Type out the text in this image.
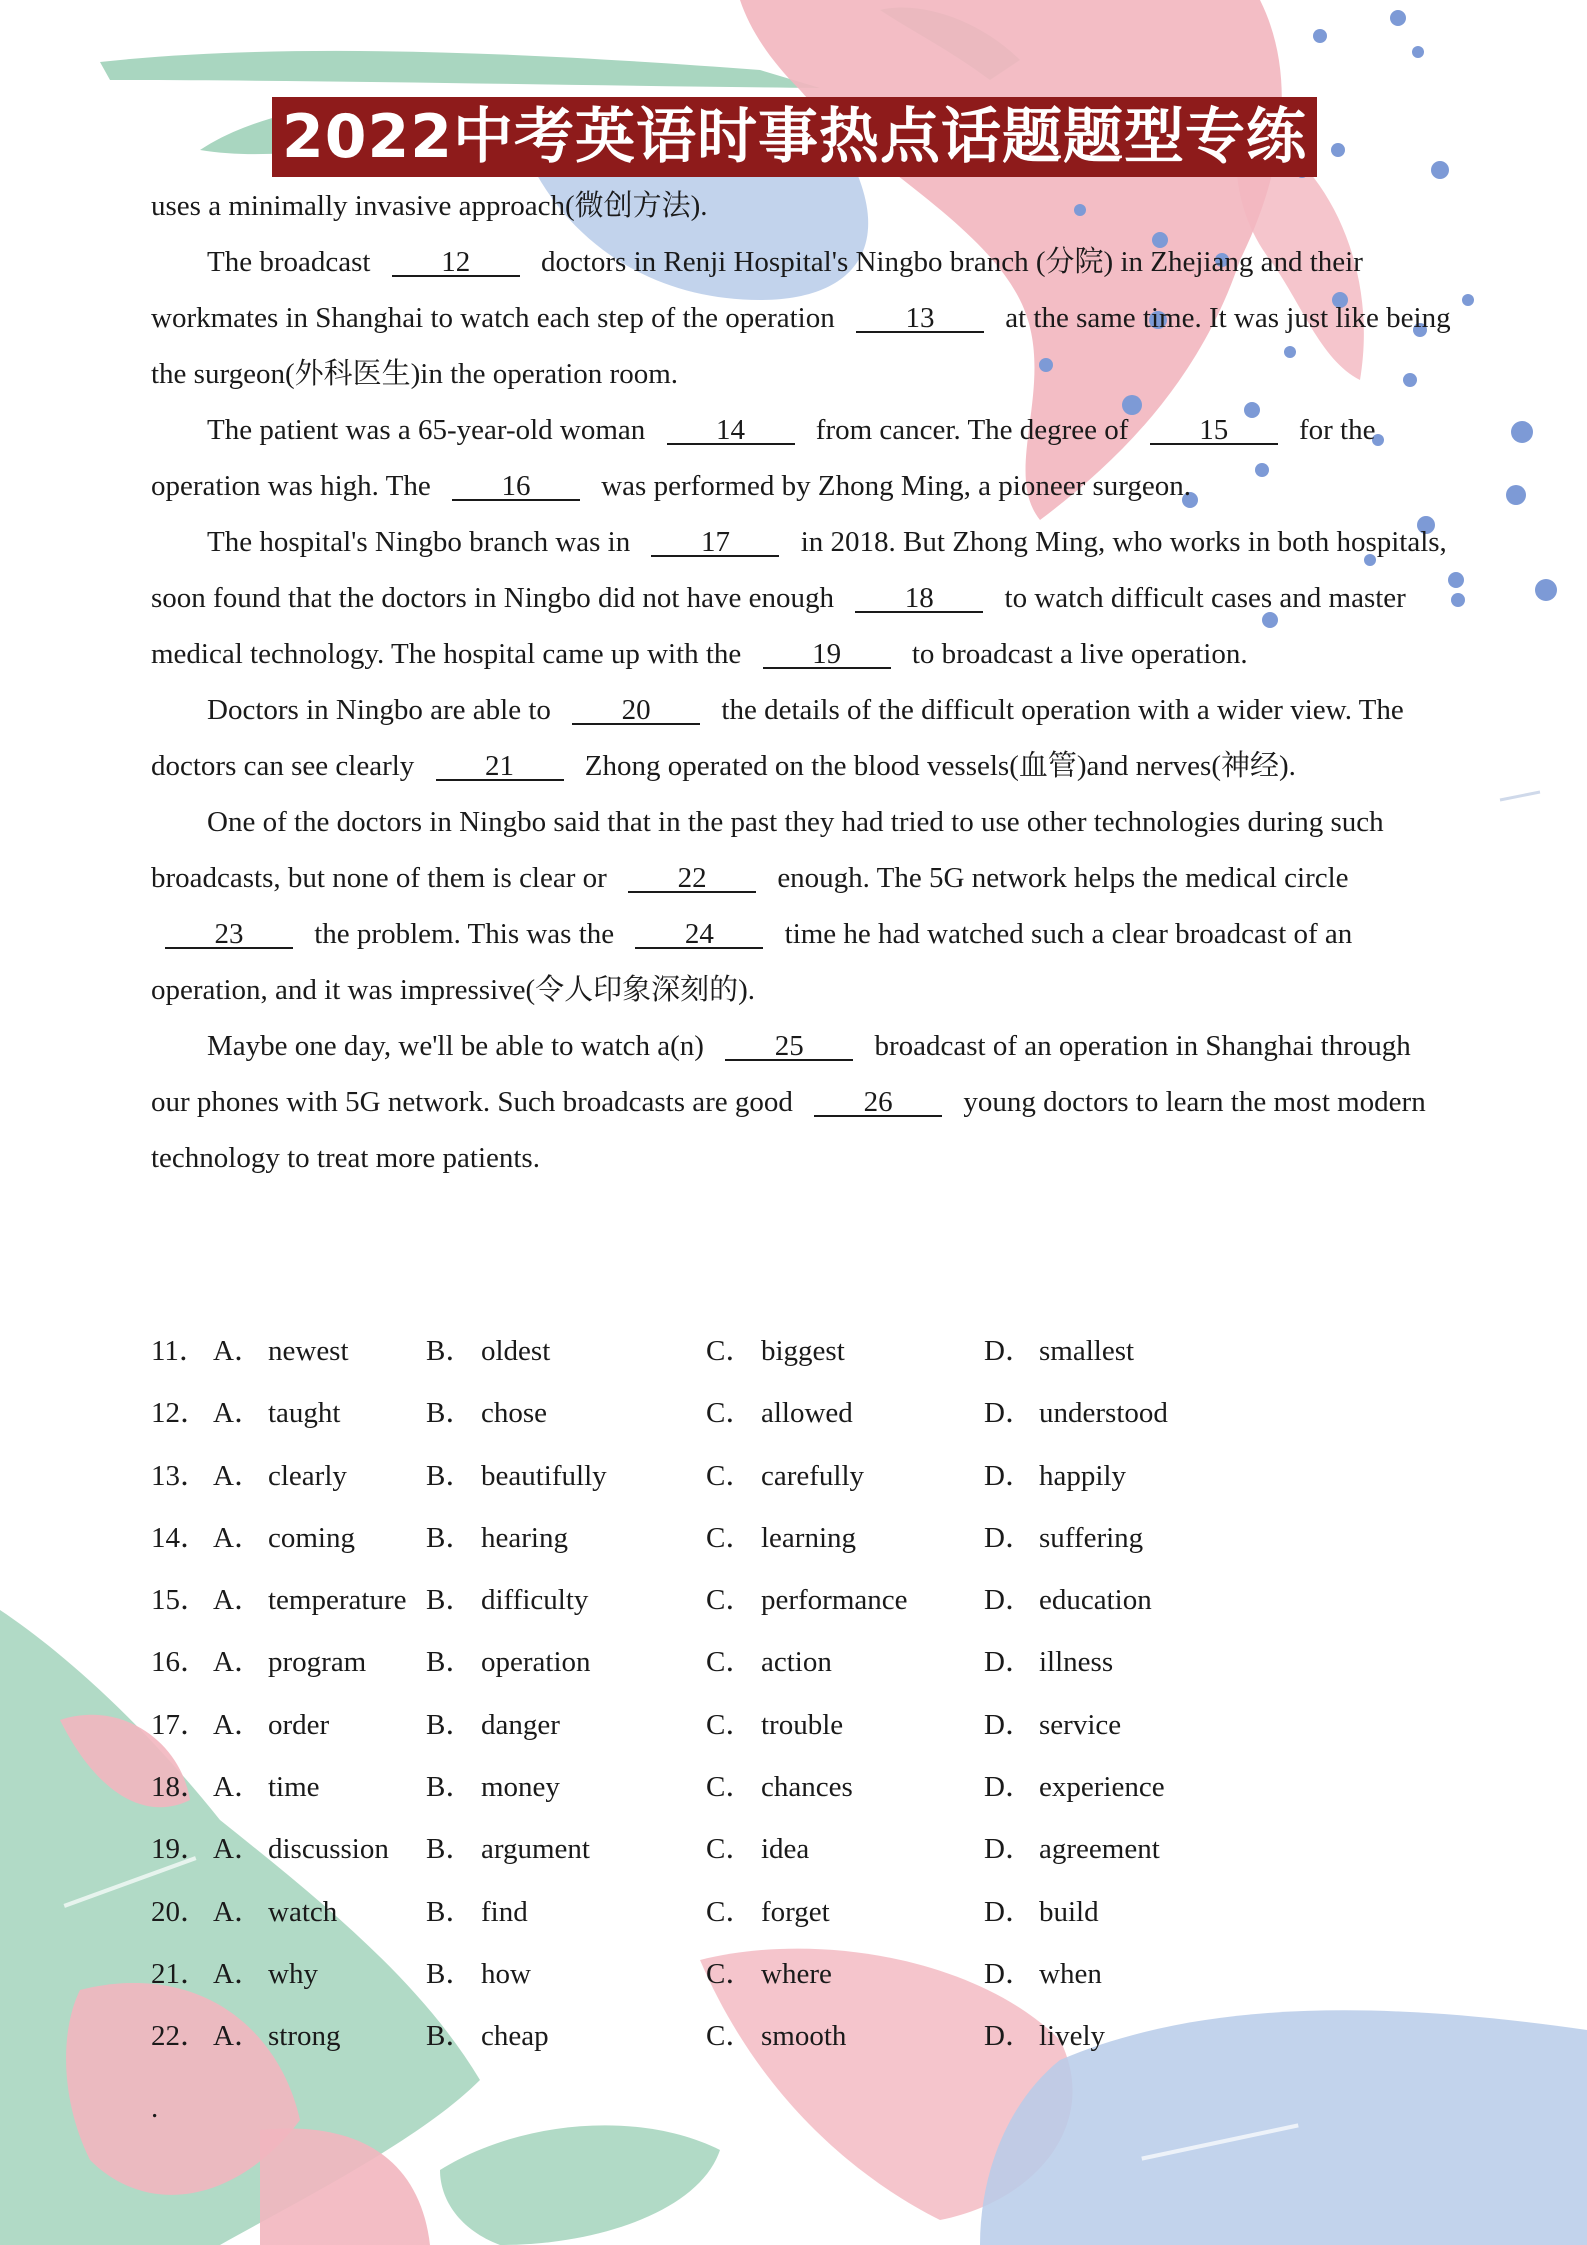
2022中考英语时事热点话题题型专练

uses a minimally invasive approach(微创方法).

The broadcast 12 doctors in Renji Hospital's Ningbo branch (分院) in Zhejiang and their workmates in Shanghai to watch each step of the operation 13 at the same time. It was just like being the surgeon(外科医生)in the operation room.

The patient was a 65-year-old woman 14 from cancer. The degree of 15 for the operation was high. The 16 was performed by Zhong Ming, a pioneer surgeon.

The hospital's Ningbo branch was in 17 in 2018. But Zhong Ming, who works in both hospitals, soon found that the doctors in Ningbo did not have enough 18 to watch difficult cases and master medical technology. The hospital came up with the 19 to broadcast a live operation.

Doctors in Ningbo are able to 20 the details of the difficult operation with a wider view. The doctors can see clearly 21 Zhong operated on the blood vessels(血管)and nerves(神经).

One of the doctors in Ningbo said that in the past they had tried to use other technologies during such broadcasts, but none of them is clear or 22 enough. The 5G network helps the medical circle 23 the problem. This was the 24 time he had watched such a clear broadcast of an operation, and it was impressive(令人印象深刻的).

Maybe one day, we'll be able to watch a(n) 25 broadcast of an operation in Shanghai through our phones with 5G network. Such broadcasts are good 26 young doctors to learn the most modern technology to treat more patients.

11． A． newest	B． oldest	C． biggest	D． smallest
12． A． taught	B． chose	C． allowed	D． understood
13． A． clearly	B． beautifully	C． carefully	D． happily
14． A． coming B． hearing	C． learning	D． suffering
15． A． temperature B． difficulty	C． performance	D． education
16． A． program B． operation	C． action	D． illness
17． A． order	B． danger	C． trouble	D． service
18． A． time	B． money	C． chances	D． experience
19． A． discussion B． argument	C． idea	D． agreement
20． A． watch	B． find	C． forget	D． build
21． A． why	B． how	C． where	D． when
22． A． strong	B． cheap	C． smooth	D． lively
.
